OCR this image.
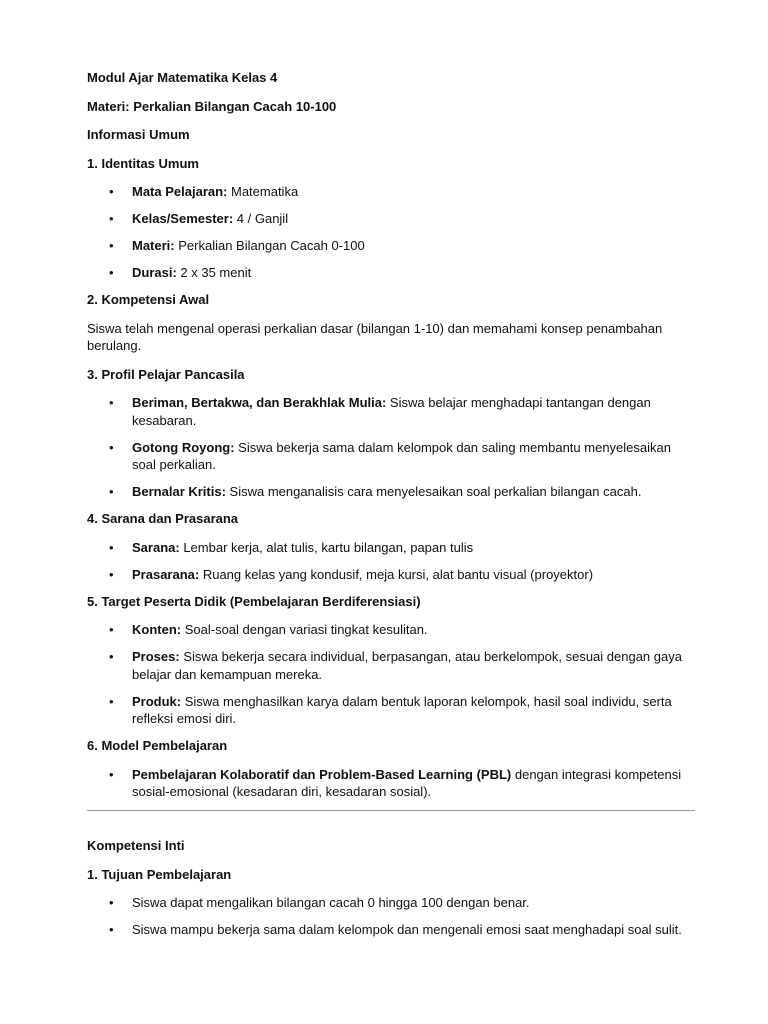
Modul Ajar Matematika Kelas 4

Materi: Perkalian Bilangan Cacah 10-100

Informasi Umum

1. Identitas Umum

• Mata Pelajaran: Matematika
• Kelas/Semester: 4 / Ganjil
• Materi: Perkalian Bilangan Cacah 0-100
• Durasi: 2 x 35 menit

2. Kompetensi Awal

Siswa telah mengenal operasi perkalian dasar (bilangan 1-10) dan memahami konsep penambahan berulang.

3. Profil Pelajar Pancasila

• Beriman, Bertakwa, dan Berakhlak Mulia: Siswa belajar menghadapi tantangan dengan kesabaran.
• Gotong Royong: Siswa bekerja sama dalam kelompok dan saling membantu menyelesaikan soal perkalian.
• Bernalar Kritis: Siswa menganalisis cara menyelesaikan soal perkalian bilangan cacah.

4. Sarana dan Prasarana

• Sarana: Lembar kerja, alat tulis, kartu bilangan, papan tulis
• Prasarana: Ruang kelas yang kondusif, meja kursi, alat bantu visual (proyektor)

5. Target Peserta Didik (Pembelajaran Berdiferensiasi)

• Konten: Soal-soal dengan variasi tingkat kesulitan.
• Proses: Siswa bekerja secara individual, berpasangan, atau berkelompok, sesuai dengan gaya belajar dan kemampuan mereka.
• Produk: Siswa menghasilkan karya dalam bentuk laporan kelompok, hasil soal individu, serta refleksi emosi diri.

6. Model Pembelajaran

• Pembelajaran Kolaboratif dan Problem-Based Learning (PBL) dengan integrasi kompetensi sosial-emosional (kesadaran diri, kesadaran sosial).

Kompetensi Inti

1. Tujuan Pembelajaran

• Siswa dapat mengalikan bilangan cacah 0 hingga 100 dengan benar.
• Siswa mampu bekerja sama dalam kelompok dan mengenali emosi saat menghadapi soal sulit.
